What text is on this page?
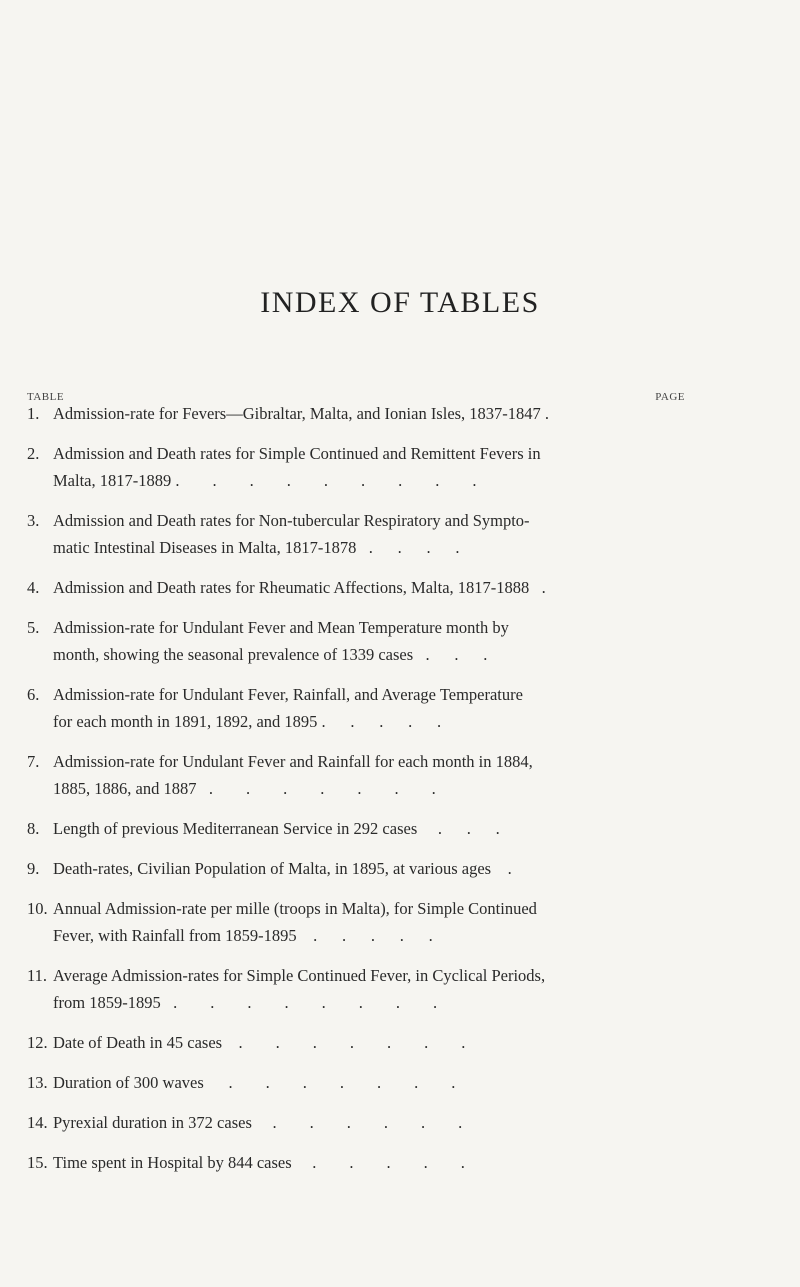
INDEX OF TABLES
TABLE	PAGE
1. Admission-rate for Fevers—Gibraltar, Malta, and Ionian Isles, 1837-1847 .
2. Admission and Death rates for Simple Continued and Remittent Fevers in
Malta, 1817-1889 .        .        .        .        .        .        .        .        .
3. Admission and Death rates for Non-tubercular Respiratory and Sympto-
matic Intestinal Diseases in Malta, 1817-1878   .      .      .      .
4. Admission and Death rates for Rheumatic Affections, Malta, 1817-1888   .
5. Admission-rate for Undulant Fever and Mean Temperature month by
month, showing the seasonal prevalence of 1339 cases   .      .      .
6. Admission-rate for Undulant Fever, Rainfall, and Average Temperature
for each month in 1891, 1892, and 1895 .      .      .      .      .
7. Admission-rate for Undulant Fever and Rainfall for each month in 1884,
1885, 1886, and 1887   .        .        .        .        .        .        .
8. Length of previous Mediterranean Service in 292 cases     .      .      .
9. Death-rates, Civilian Population of Malta, in 1895, at various ages    .
10. Annual Admission-rate per mille (troops in Malta), for Simple Continued
Fever, with Rainfall from 1859-1895    .      .      .      .      .
11. Average Admission-rates for Simple Continued Fever, in Cyclical Periods,
from 1859-1895   .        .        .        .        .        .        .        .
12. Date of Death in 45 cases    .        .        .        .        .        .        .
13. Duration of 300 waves      .        .        .        .        .        .        .
14. Pyrexial duration in 372 cases     .        .        .        .        .        .
15. Time spent in Hospital by 844 cases     .        .        .        .        .
